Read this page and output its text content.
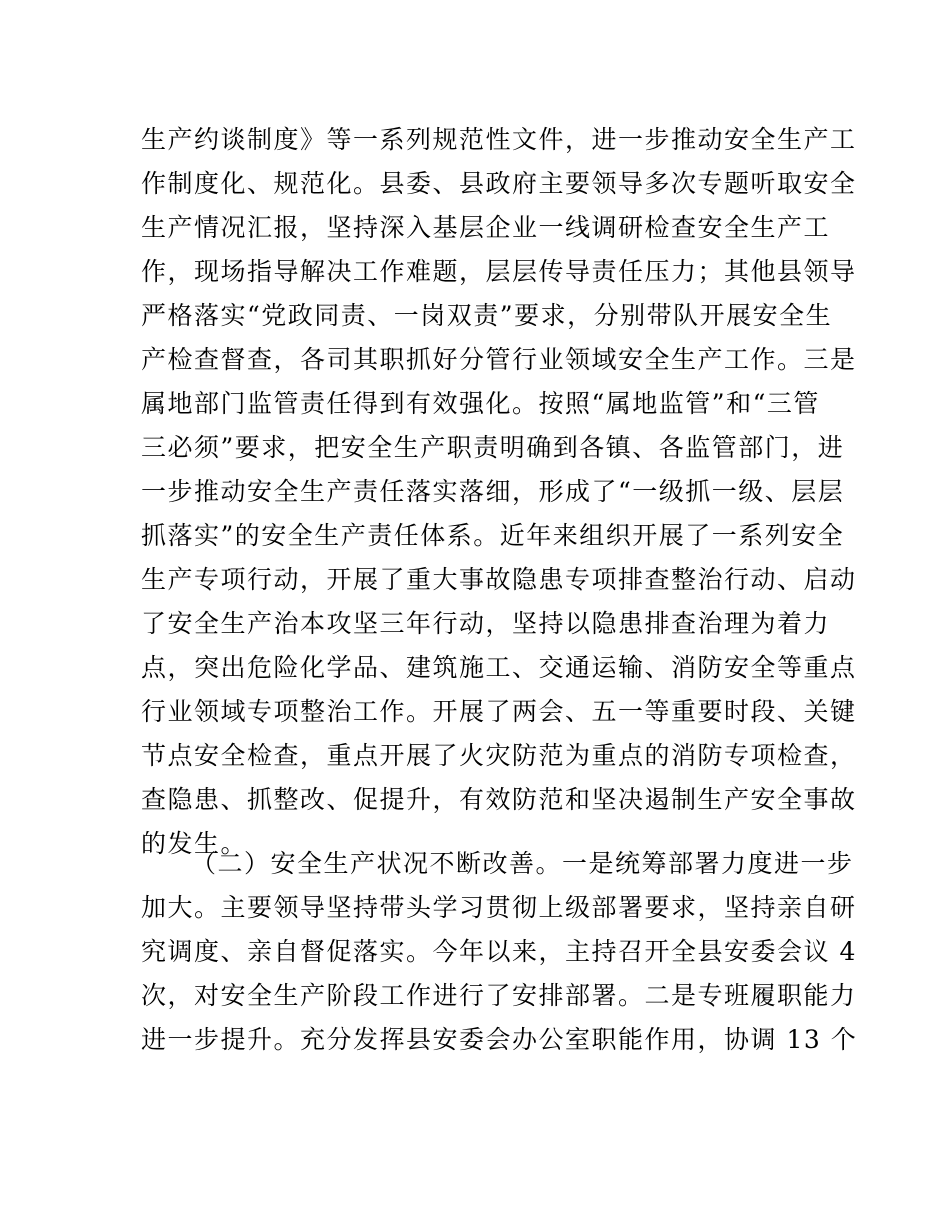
生产约谈制度》等一系列规范性文件，进一步推动安全生产工
作制度化、规范化。县委、县政府主要领导多次专题听取安全
生产情况汇报，坚持深入基层企业一线调研检查安全生产工
作，现场指导解决工作难题，层层传导责任压力；其他县领导
严格落实“党政同责、一岗双责”要求，分别带队开展安全生
产检查督查，各司其职抓好分管行业领域安全生产工作。三是
属地部门监管责任得到有效强化。按照“属地监管”和“三管
三必须”要求，把安全生产职责明确到各镇、各监管部门，进
一步推动安全生产责任落实落细，形成了“一级抓一级、层层
抓落实”的安全生产责任体系。近年来组织开展了一系列安全
生产专项行动，开展了重大事故隐患专项排查整治行动、启动
了安全生产治本攻坚三年行动，坚持以隐患排查治理为着力
点，突出危险化学品、建筑施工、交通运输、消防安全等重点
行业领域专项整治工作。开展了两会、五一等重要时段、关键
节点安全检查，重点开展了火灾防范为重点的消防专项检查，
查隐患、抓整改、促提升，有效防范和坚决遏制生产安全事故
的发生。
（二）安全生产状况不断改善。一是统筹部署力度进一步
加大。主要领导坚持带头学习贯彻上级部署要求，坚持亲自研
究调度、亲自督促落实。今年以来，主持召开全县安委会议 4
次，对安全生产阶段工作进行了安排部署。二是专班履职能力
进一步提升。充分发挥县安委会办公室职能作用，协调 13 个
